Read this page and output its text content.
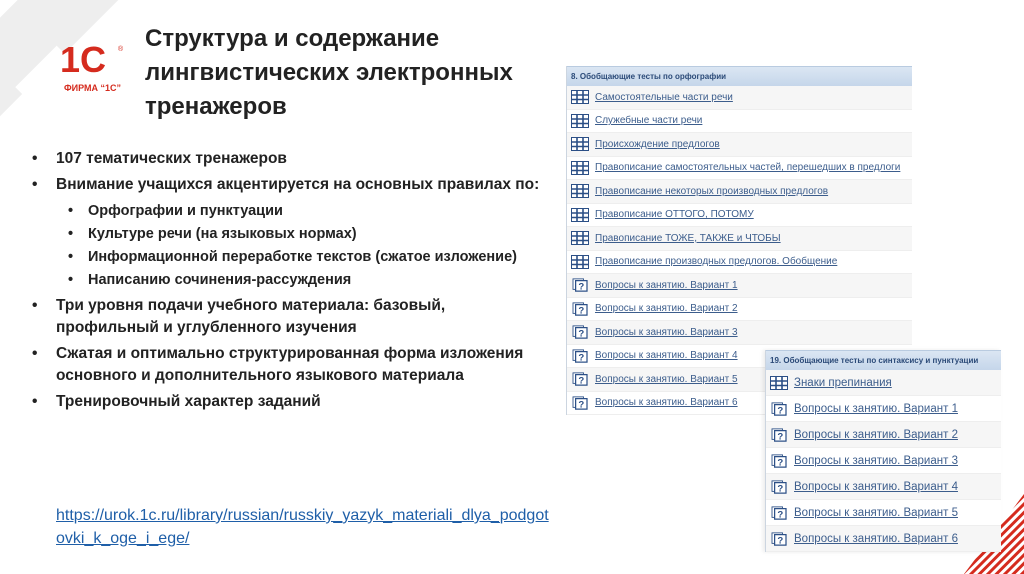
1С ®
ФИРМА “1С”
Структура и содержание
лингвистических электронных
тренажеров
• 107 тематических тренажеров
• Внимание учащихся акцентируется на основных правилах по:
• Орфографии и пунктуации
• Культуре речи (на языковых нормах)
• Информационной переработке текстов (сжатое изложение)
• Написанию сочинения-рассуждения
• Три уровня подачи учебного материала: базовый, профильный и углубленного изучения
• Сжатая и оптимально структурированная форма изложения основного и дополнительного языкового материала
• Тренировочный характер заданий
https://urok.1c.ru/library/russian/russkiy_yazyk_materiali_dlya_podgotovki_k_oge_i_ege/
8. Обобщающие тесты по орфографии
Самостоятельные части речи
Служебные части речи
Происхождение предлогов
Правописание самостоятельных частей, перешедших в предлоги
Правописание некоторых производных предлогов
Правописание ОТТОГО, ПОТОМУ
Правописание ТОЖЕ, ТАКЖЕ и ЧТОБЫ
Правописание производных предлогов. Обобщение
? Вопросы к занятию. Вариант 1
? Вопросы к занятию. Вариант 2
? Вопросы к занятию. Вариант 3
? Вопросы к занятию. Вариант 4
? Вопросы к занятию. Вариант 5
? Вопросы к занятию. Вариант 6
19. Обобщающие тесты по синтаксису и пунктуации
Знаки препинания
? Вопросы к занятию. Вариант 1
? Вопросы к занятию. Вариант 2
? Вопросы к занятию. Вариант 3
? Вопросы к занятию. Вариант 4
? Вопросы к занятию. Вариант 5
? Вопросы к занятию. Вариант 6
